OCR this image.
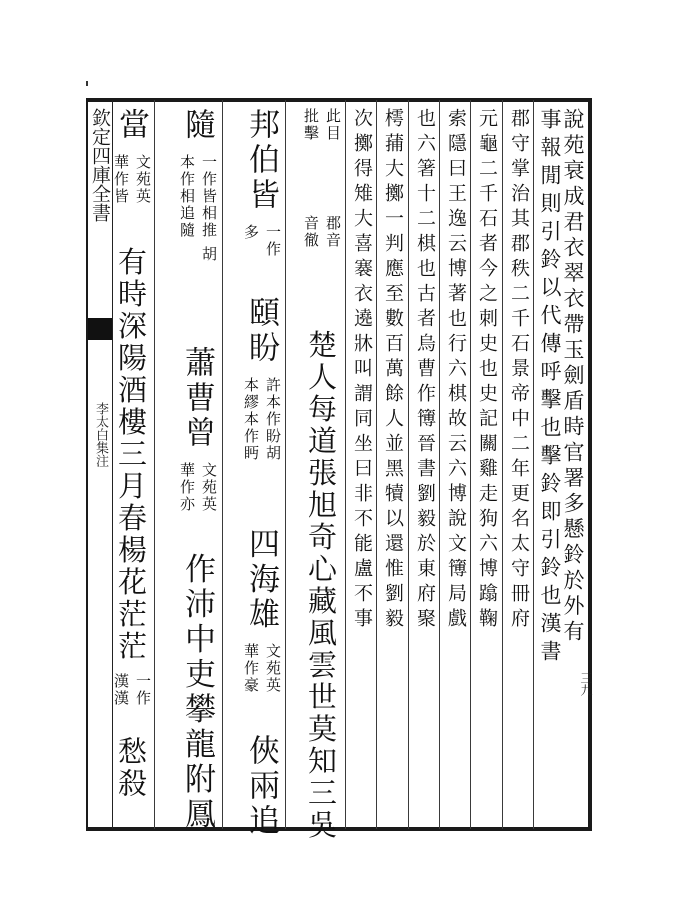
欽定四庫全書
李太白集注
三九
說苑衰成君衣翠衣帶玉劍盾時官署多懸鈴於外有
事報閒則引鈴以代傳呼擊也擊鈴即引鈴也漢書
郡守掌治其郡秩二千石景帝中二年更名太守冊府
元龜二千石者今之刺史也史記關雞走狗六博蹹鞠
索隱曰王逸云博著也行六棋故云六博說文簙局戲
也六箸十二棋也古者烏曹作簙晉書劉毅於東府聚
樗蒱大擲一判應至數百萬餘人並黑犢以還惟劉毅
次擲得雉大喜褰衣遶牀叫謂同坐曰非不能盧不事
此目
批擊 郡音
音徹 楚人每道張旭奇心藏風雲世莫知三吳
邦伯皆 一作
多 頤盼 許本作盼胡
本繆本作眄 四海雄 文苑英
華作豪 俠兩追
隨 一作皆相推 胡
本作相追隨 蕭曹曾 文苑英
華作亦 作沛中吏攀龍附鳳
當 文苑英
華作皆 有時深陽酒樓三月春楊花茫茫 一作
漢漢 愁殺
